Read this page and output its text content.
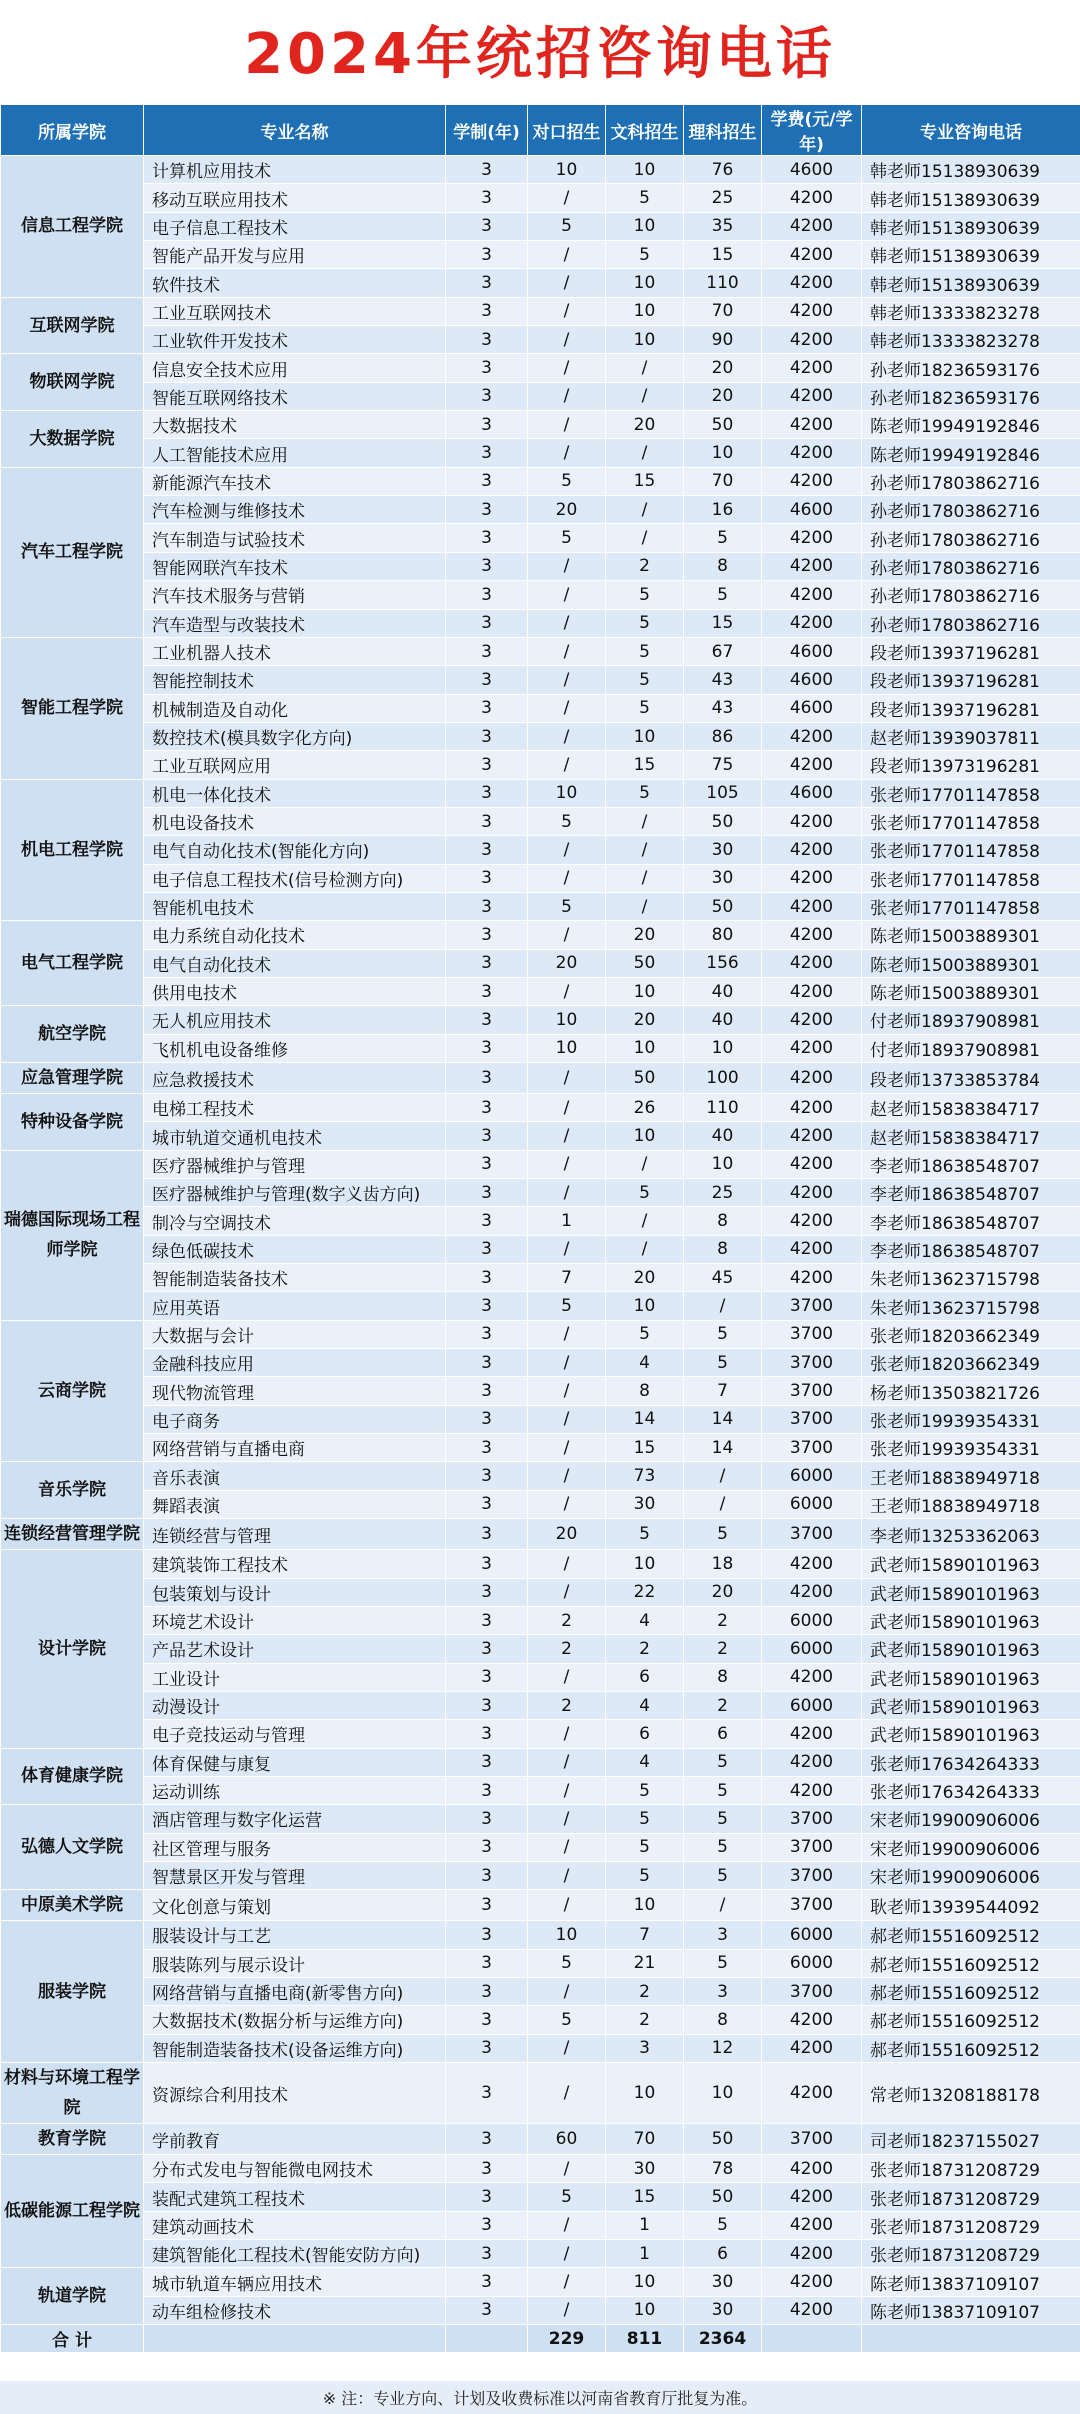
2024年统招咨询电话
所属学院	专业名称	学制(年)	对口招生	文科招生	理科招生	学费(元/学年)	专业咨询电话
信息工程学院	计算机应用技术	3	10	10	76	4600	韩老师15138930639
	移动互联应用技术	3	/	5	25	4200	韩老师15138930639
	电子信息工程技术	3	5	10	35	4200	韩老师15138930639
	智能产品开发与应用	3	/	5	15	4200	韩老师15138930639
	软件技术	3	/	10	110	4200	韩老师15138930639
互联网学院	工业互联网技术	3	/	10	70	4200	韩老师13333823278
	工业软件开发技术	3	/	10	90	4200	韩老师13333823278
物联网学院	信息安全技术应用	3	/	/	20	4200	孙老师18236593176
	智能互联网络技术	3	/	/	20	4200	孙老师18236593176
大数据学院	大数据技术	3	/	20	50	4200	陈老师19949192846
	人工智能技术应用	3	/	/	10	4200	陈老师19949192846
汽车工程学院	新能源汽车技术	3	5	15	70	4200	孙老师17803862716
	汽车检测与维修技术	3	20	/	16	4600	孙老师17803862716
	汽车制造与试验技术	3	5	/	5	4200	孙老师17803862716
	智能网联汽车技术	3	/	2	8	4200	孙老师17803862716
	汽车技术服务与营销	3	/	5	5	4200	孙老师17803862716
	汽车造型与改装技术	3	/	5	15	4200	孙老师17803862716
智能工程学院	工业机器人技术	3	/	5	67	4600	段老师13937196281
	智能控制技术	3	/	5	43	4600	段老师13937196281
	机械制造及自动化	3	/	5	43	4600	段老师13937196281
	数控技术(模具数字化方向)	3	/	10	86	4200	赵老师13939037811
	工业互联网应用	3	/	15	75	4200	段老师13973196281
机电工程学院	机电一体化技术	3	10	5	105	4600	张老师17701147858
	机电设备技术	3	5	/	50	4200	张老师17701147858
	电气自动化技术(智能化方向)	3	/	/	30	4200	张老师17701147858
	电子信息工程技术(信号检测方向)	3	/	/	30	4200	张老师17701147858
	智能机电技术	3	5	/	50	4200	张老师17701147858
电气工程学院	电力系统自动化技术	3	/	20	80	4200	陈老师15003889301
	电气自动化技术	3	20	50	156	4200	陈老师15003889301
	供用电技术	3	/	10	40	4200	陈老师15003889301
航空学院	无人机应用技术	3	10	20	40	4200	付老师18937908981
	飞机机电设备维修	3	10	10	10	4200	付老师18937908981
应急管理学院	应急救援技术	3	/	50	100	4200	段老师13733853784
特种设备学院	电梯工程技术	3	/	26	110	4200	赵老师15838384717
	城市轨道交通机电技术	3	/	10	40	4200	赵老师15838384717
瑞德国际现场工程师学院	医疗器械维护与管理	3	/	/	10	4200	李老师18638548707
	医疗器械维护与管理(数字义齿方向)	3	/	5	25	4200	李老师18638548707
	制冷与空调技术	3	1	/	8	4200	李老师18638548707
	绿色低碳技术	3	/	/	8	4200	李老师18638548707
	智能制造装备技术	3	7	20	45	4200	朱老师13623715798
	应用英语	3	5	10	/	3700	朱老师13623715798
云商学院	大数据与会计	3	/	5	5	3700	张老师18203662349
	金融科技应用	3	/	4	5	3700	张老师18203662349
	现代物流管理	3	/	8	7	3700	杨老师13503821726
	电子商务	3	/	14	14	3700	张老师19939354331
	网络营销与直播电商	3	/	15	14	3700	张老师19939354331
音乐学院	音乐表演	3	/	73	/	6000	王老师18838949718
	舞蹈表演	3	/	30	/	6000	王老师18838949718
连锁经营管理学院	连锁经营与管理	3	20	5	5	3700	李老师13253362063
设计学院	建筑装饰工程技术	3	/	10	18	4200	武老师15890101963
	包装策划与设计	3	/	22	20	4200	武老师15890101963
	环境艺术设计	3	2	4	2	6000	武老师15890101963
	产品艺术设计	3	2	2	2	6000	武老师15890101963
	工业设计	3	/	6	8	4200	武老师15890101963
	动漫设计	3	2	4	2	6000	武老师15890101963
	电子竞技运动与管理	3	/	6	6	4200	武老师15890101963
体育健康学院	体育保健与康复	3	/	4	5	4200	张老师17634264333
	运动训练	3	/	5	5	4200	张老师17634264333
弘德人文学院	酒店管理与数字化运营	3	/	5	5	3700	宋老师19900906006
	社区管理与服务	3	/	5	5	3700	宋老师19900906006
	智慧景区开发与管理	3	/	5	5	3700	宋老师19900906006
中原美术学院	文化创意与策划	3	/	10	/	3700	耿老师13939544092
服装学院	服装设计与工艺	3	10	7	3	6000	郝老师15516092512
	服装陈列与展示设计	3	5	21	5	6000	郝老师15516092512
	网络营销与直播电商(新零售方向)	3	/	2	3	3700	郝老师15516092512
	大数据技术(数据分析与运维方向)	3	5	2	8	4200	郝老师15516092512
	智能制造装备技术(设备运维方向)	3	/	3	12	4200	郝老师15516092512
材料与环境工程学院	资源综合利用技术	3	/	10	10	4200	常老师13208188178
教育学院	学前教育	3	60	70	50	3700	司老师18237155027
低碳能源工程学院	分布式发电与智能微电网技术	3	/	30	78	4200	张老师18731208729
	装配式建筑工程技术	3	5	15	50	4200	张老师18731208729
	建筑动画技术	3	/	1	5	4200	张老师18731208729
	建筑智能化工程技术(智能安防方向)	3	/	1	6	4200	张老师18731208729
轨道学院	城市轨道车辆应用技术	3	/	10	30	4200	陈老师13837109107
	动车组检修技术	3	/	10	30	4200	陈老师13837109107
合 计			229	811	2364		
※ 注：专业方向、计划及收费标准以河南省教育厅批复为准。
